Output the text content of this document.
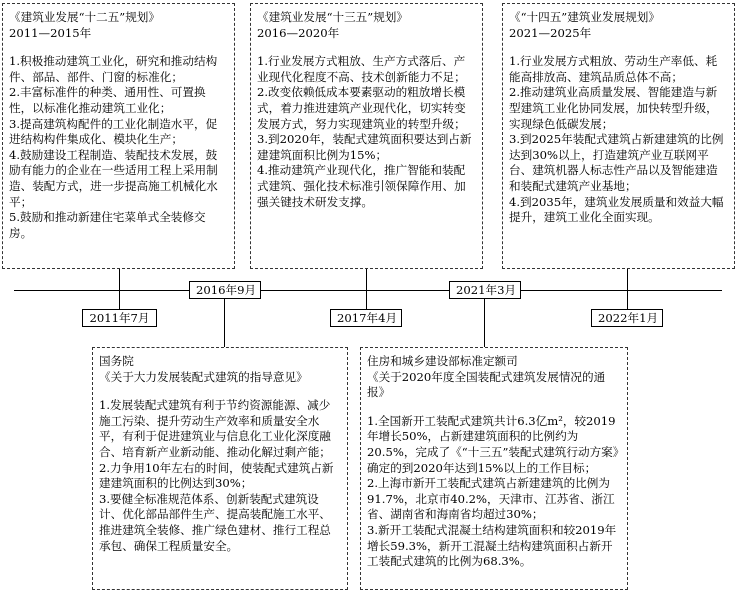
2011年7月
2016年9月
2017年4月
2021年3月
2022年1月
《建筑业发展“十二五”规划》
2011—2015年
1.积极推动建筑工业化，研究和推动结构件、部品、部件、门窗的标准化；
2.丰富标准件的种类、通用性、可置换性，以标准化推动建筑工业化；
3.提高建筑构配件的工业化制造水平，促进结构构件集成化、模块化生产；
4.鼓励建设工程制造、装配技术发展，鼓励有能力的企业在一些适用工程上采用制造、装配方式，进一步提高施工机械化水平；
5.鼓励和推动新建住宅菜单式全装修交房。
《建筑业发展“十三五”规划》
2016—2020年
1.行业发展方式粗放、生产方式落后、产业现代化程度不高、技术创新能力不足；
2.改变依赖低成本要素驱动的粗放增长模式，着力推进建筑产业现代化，切实转变发展方式，努力实现建筑业的转型升级；
3.到2020年，装配式建筑面积要达到占新建建筑面积比例为15%；
4.推动建筑产业现代化，推广智能和装配式建筑、强化技术标准引领保障作用、加强关键技术研发支撑。
《“十四五”建筑业发展规划》
2021—2025年
1.行业发展方式粗放、劳动生产率低、耗能高排放高、建筑品质总体不高；
2.推动建筑业高质量发展、智能建造与新型建筑工业化协同发展，加快转型升级，实现绿色低碳发展；
3.到2025年装配式建筑占新建建筑的比例达到30%以上，打造建筑产业互联网平台、建筑机器人标志性产品以及智能建造和装配式建筑产业基地；
4.到2035年，建筑业发展质量和效益大幅提升，建筑工业化全面实现。
国务院
《关于大力发展装配式建筑的指导意见》
1.发展装配式建筑有利于节约资源能源、减少施工污染、提升劳动生产效率和质量安全水平，有利于促进建筑业与信息化工业化深度融合、培育新产业新动能、推动化解过剩产能；
2.力争用10年左右的时间，使装配式建筑占新建建筑面积的比例达到30%；
3.要健全标准规范体系、创新装配式建筑设计、优化部品部件生产、提高装配施工水平、推进建筑全装修、推广绿色建材、推行工程总承包、确保工程质量安全。
住房和城乡建设部标准定额司
《关于2020年度全国装配式建筑发展情况的通报》
1.全国新开工装配式建筑共计6.3亿m²，较2019年增长50%，占新建建筑面积的比例约为20.5%，完成了《“十三五”装配式建筑行动方案》确定的到2020年达到15%以上的工作目标；
2.上海市新开工装配式建筑占新建建筑的比例为91.7%，北京市40.2%，天津市、江苏省、浙江省、湖南省和海南省均超过30%；
3.新开工装配式混凝土结构建筑面积和较2019年增长59.3%，新开工混凝土结构建筑面积占新开工装配式建筑的比例为68.3%。
